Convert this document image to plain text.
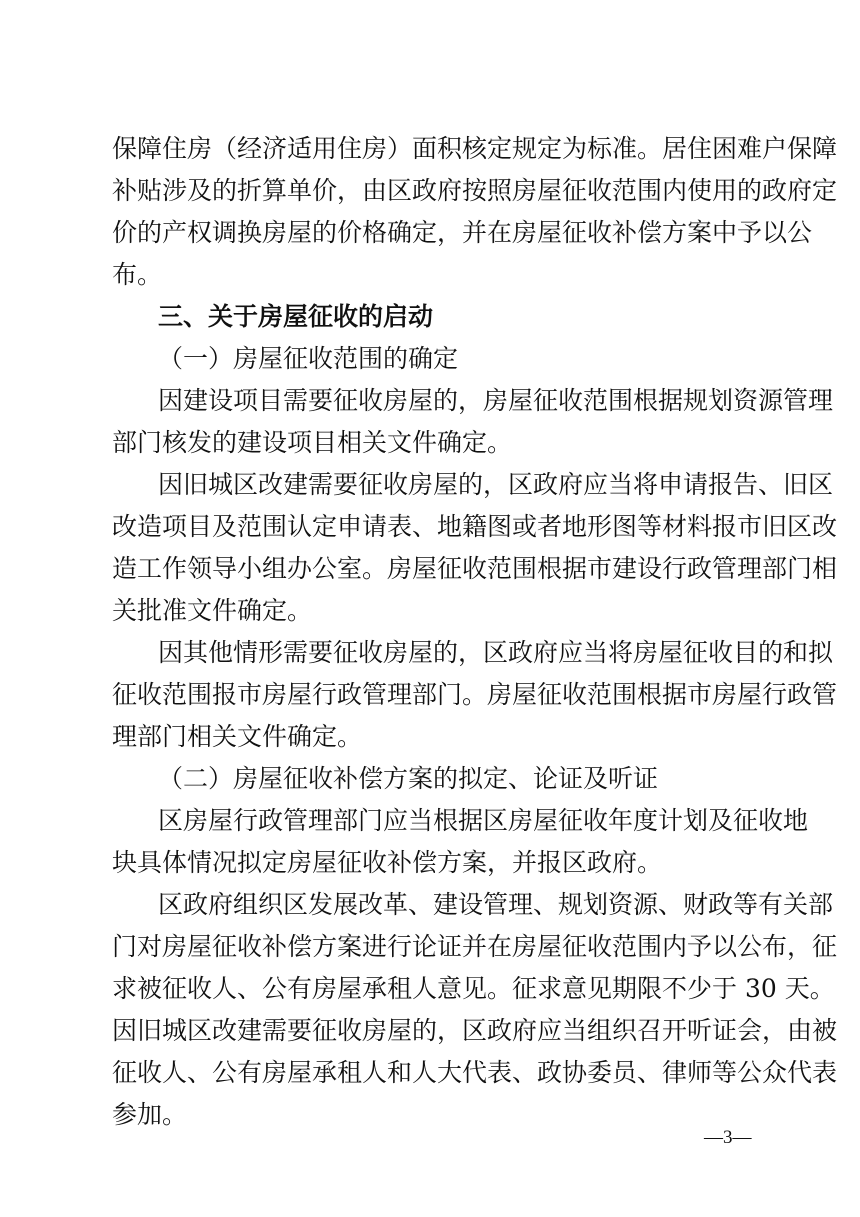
保障住房（经济适用住房）面积核定规定为标准。居住困难户保障
补贴涉及的折算单价，由区政府按照房屋征收范围内使用的政府定
价的产权调换房屋的价格确定，并在房屋征收补偿方案中予以公
布。
三、关于房屋征收的启动
（一）房屋征收范围的确定
因建设项目需要征收房屋的，房屋征收范围根据规划资源管理
部门核发的建设项目相关文件确定。
因旧城区改建需要征收房屋的，区政府应当将申请报告、旧区
改造项目及范围认定申请表、地籍图或者地形图等材料报市旧区改
造工作领导小组办公室。房屋征收范围根据市建设行政管理部门相
关批准文件确定。
因其他情形需要征收房屋的，区政府应当将房屋征收目的和拟
征收范围报市房屋行政管理部门。房屋征收范围根据市房屋行政管
理部门相关文件确定。
（二）房屋征收补偿方案的拟定、论证及听证
区房屋行政管理部门应当根据区房屋征收年度计划及征收地
块具体情况拟定房屋征收补偿方案，并报区政府。
区政府组织区发展改革、建设管理、规划资源、财政等有关部
门对房屋征收补偿方案进行论证并在房屋征收范围内予以公布，征
求被征收人、公有房屋承租人意见。征求意见期限不少于 30 天。
因旧城区改建需要征收房屋的，区政府应当组织召开听证会，由被
征收人、公有房屋承租人和人大代表、政协委员、律师等公众代表
参加。
—3—
